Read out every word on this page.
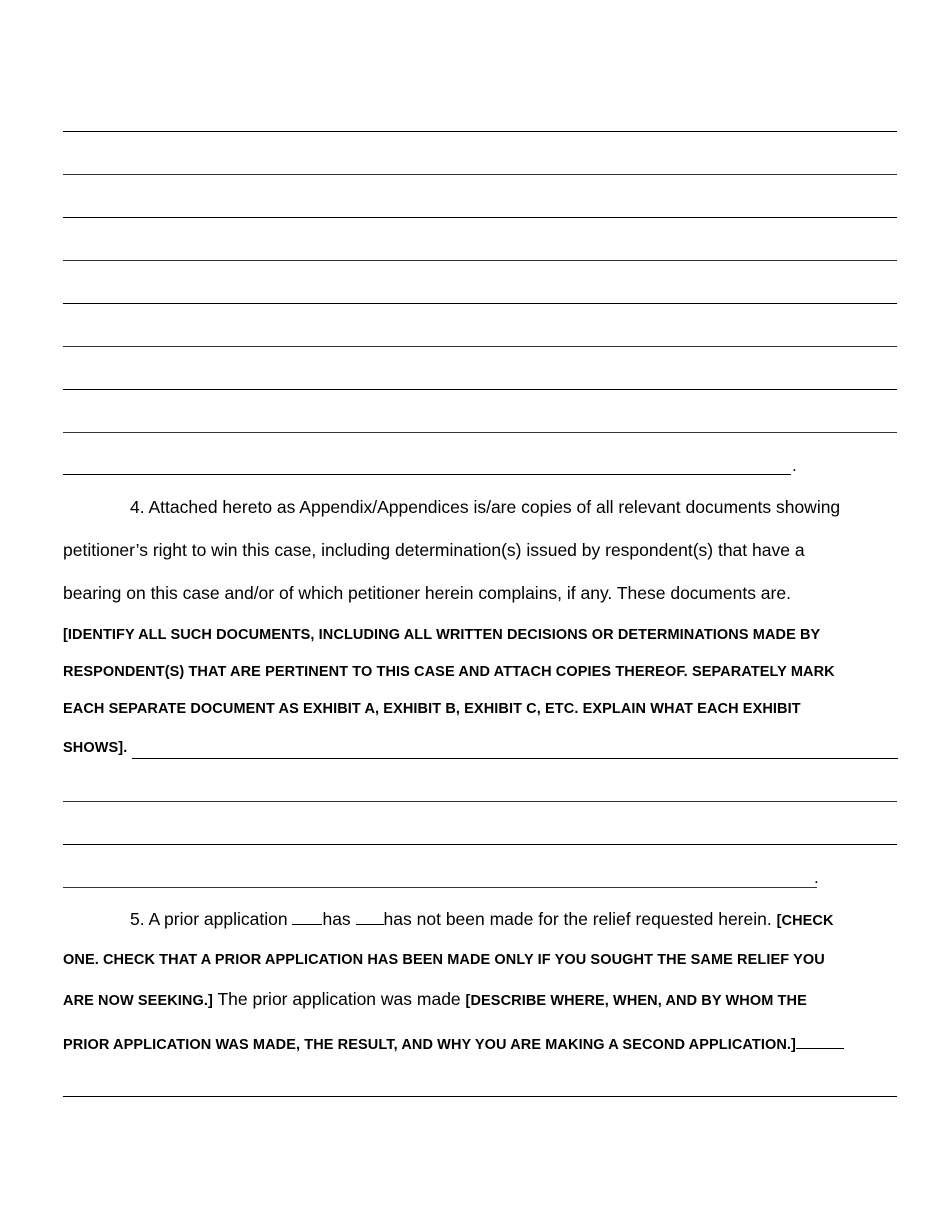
.
4. Attached hereto as Appendix/Appendices is/are copies of all relevant documents showing
petitioner’s right to win this case, including determination(s) issued by respondent(s) that have a
bearing on this case and/or of which petitioner herein complains, if any. These documents are.
[IDENTIFY ALL SUCH DOCUMENTS, INCLUDING ALL WRITTEN DECISIONS OR DETERMINATIONS MADE BY
RESPONDENT(S) THAT ARE PERTINENT TO THIS CASE AND ATTACH COPIES THEREOF. SEPARATELY MARK
EACH SEPARATE DOCUMENT AS EXHIBIT A, EXHIBIT B, EXHIBIT C, ETC. EXPLAIN WHAT EACH EXHIBIT
SHOWS].
.
5. A prior application has has not been made for the relief requested herein. [CHECK
ONE. CHECK THAT A PRIOR APPLICATION HAS BEEN MADE ONLY IF YOU SOUGHT THE SAME RELIEF YOU
ARE NOW SEEKING.] The prior application was made [DESCRIBE WHERE, WHEN, AND BY WHOM THE
PRIOR APPLICATION WAS MADE, THE RESULT, AND WHY YOU ARE MAKING A SECOND APPLICATION.]
